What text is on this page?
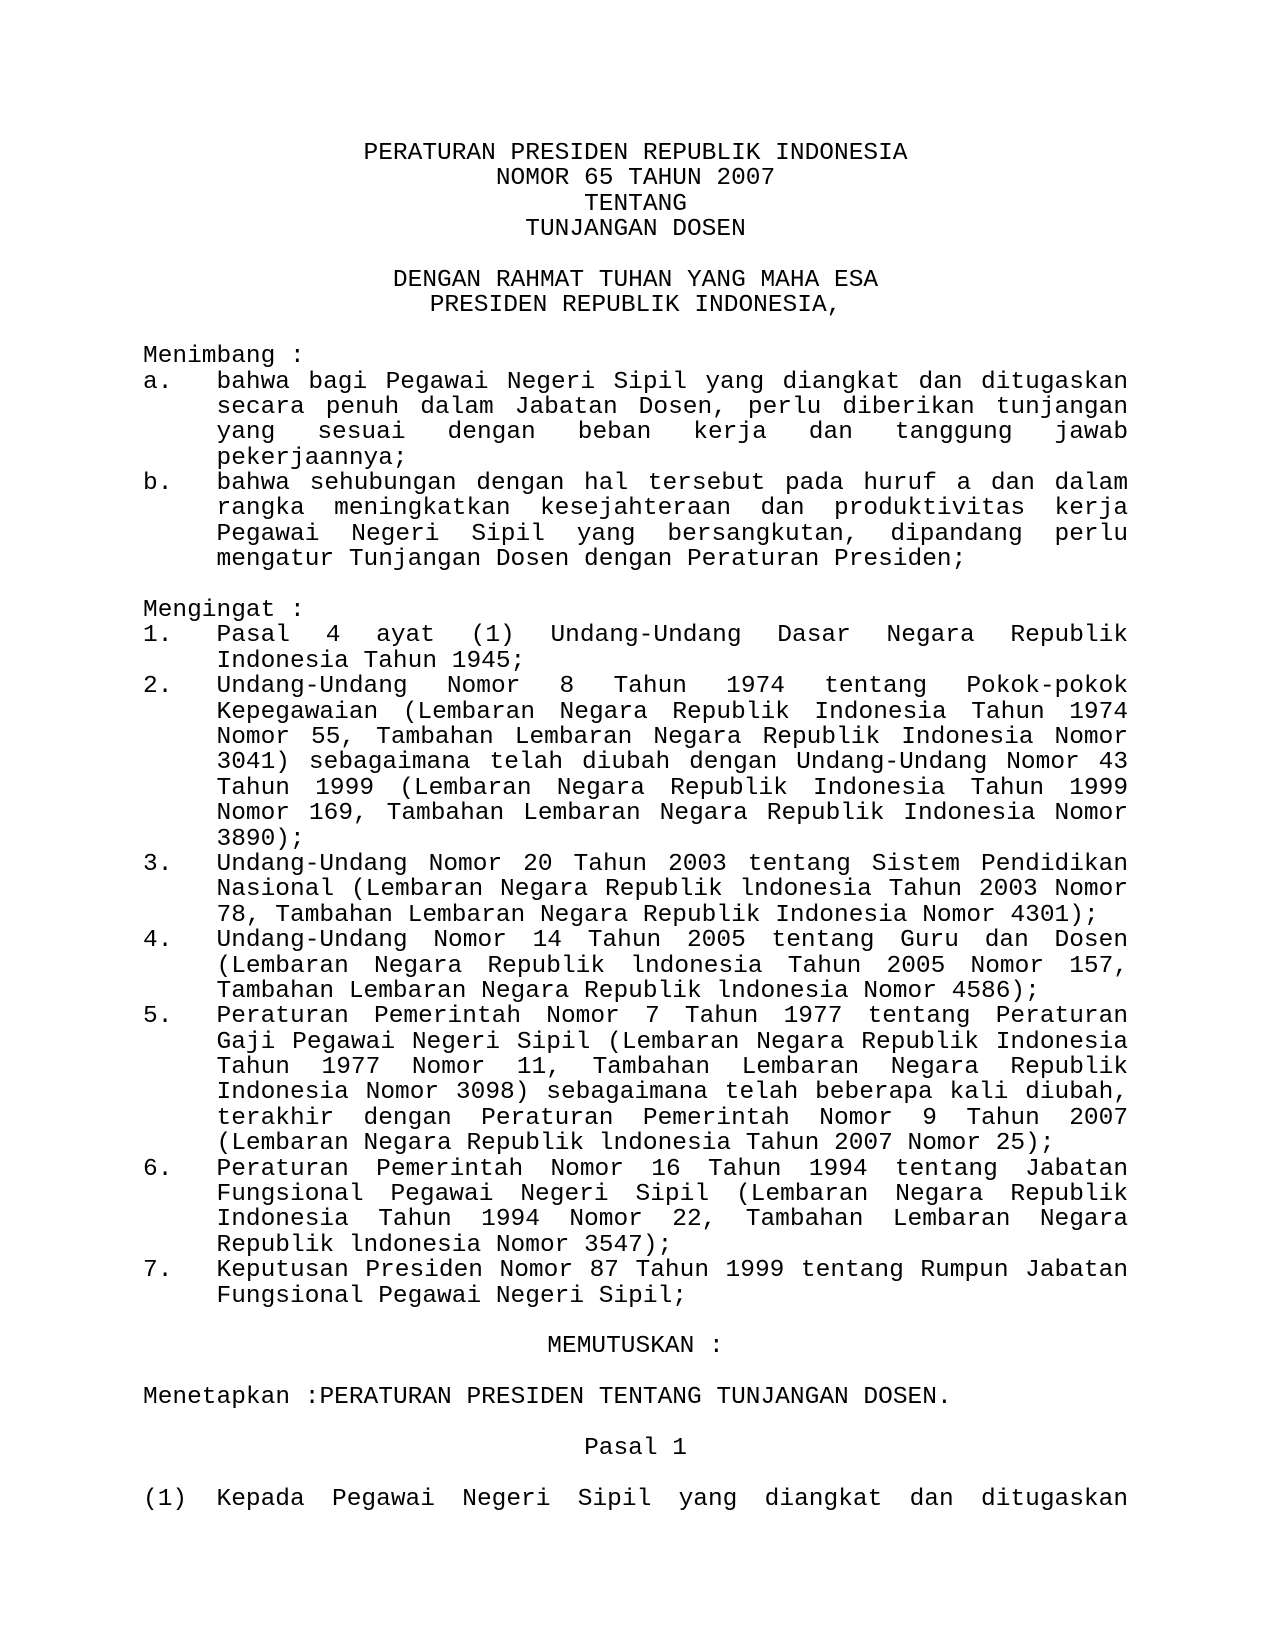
PERATURAN PRESIDEN REPUBLIK INDONESIA
NOMOR 65 TAHUN 2007
TENTANG
TUNJANGAN DOSEN
DENGAN RAHMAT TUHAN YANG MAHA ESA
PRESIDEN REPUBLIK INDONESIA,
Menimbang :
a.	bahwa bagi Pegawai Negeri Sipil yang diangkat dan ditugaskan
secara penuh dalam Jabatan Dosen, perlu diberikan tunjangan
yang sesuai dengan beban kerja dan tanggung jawab
pekerjaannya;
b.	bahwa sehubungan dengan hal tersebut pada huruf a dan dalam
rangka meningkatkan kesejahteraan dan produktivitas kerja
Pegawai Negeri Sipil yang bersangkutan, dipandang perlu
mengatur Tunjangan Dosen dengan Peraturan Presiden;
Mengingat :
1.	Pasal 4 ayat (1) Undang-Undang Dasar Negara Republik
Indonesia Tahun 1945;
2.	Undang-Undang Nomor 8 Tahun 1974 tentang Pokok-pokok
Kepegawaian (Lembaran Negara Republik Indonesia Tahun 1974
Nomor 55, Tambahan Lembaran Negara Republik Indonesia Nomor
3041) sebagaimana telah diubah dengan Undang-Undang Nomor 43
Tahun 1999 (Lembaran Negara Republik Indonesia Tahun 1999
Nomor 169, Tambahan Lembaran Negara Republik Indonesia Nomor
3890);
3.	Undang-Undang Nomor 20 Tahun 2003 tentang Sistem Pendidikan
Nasional (Lembaran Negara Republik lndonesia Tahun 2003 Nomor
78, Tambahan Lembaran Negara Republik Indonesia Nomor 4301);
4.	Undang-Undang Nomor 14 Tahun 2005 tentang Guru dan Dosen
(Lembaran Negara Republik lndonesia Tahun 2005 Nomor 157,
Tambahan Lembaran Negara Republik lndonesia Nomor 4586);
5.	Peraturan Pemerintah Nomor 7 Tahun 1977 tentang Peraturan
Gaji Pegawai Negeri Sipil (Lembaran Negara Republik Indonesia
Tahun 1977 Nomor 11, Tambahan Lembaran Negara Republik
Indonesia Nomor 3098) sebagaimana telah beberapa kali diubah,
terakhir dengan Peraturan Pemerintah Nomor 9 Tahun 2007
(Lembaran Negara Republik lndonesia Tahun 2007 Nomor 25);
6.	Peraturan Pemerintah Nomor 16 Tahun 1994 tentang Jabatan
Fungsional Pegawai Negeri Sipil (Lembaran Negara Republik
Indonesia Tahun 1994 Nomor 22, Tambahan Lembaran Negara
Republik lndonesia Nomor 3547);
7.	Keputusan Presiden Nomor 87 Tahun 1999 tentang Rumpun Jabatan
Fungsional Pegawai Negeri Sipil;
MEMUTUSKAN :
Menetapkan :PERATURAN PRESIDEN TENTANG TUNJANGAN DOSEN.
Pasal 1
(1)	Kepada Pegawai Negeri Sipil yang diangkat dan ditugaskan
